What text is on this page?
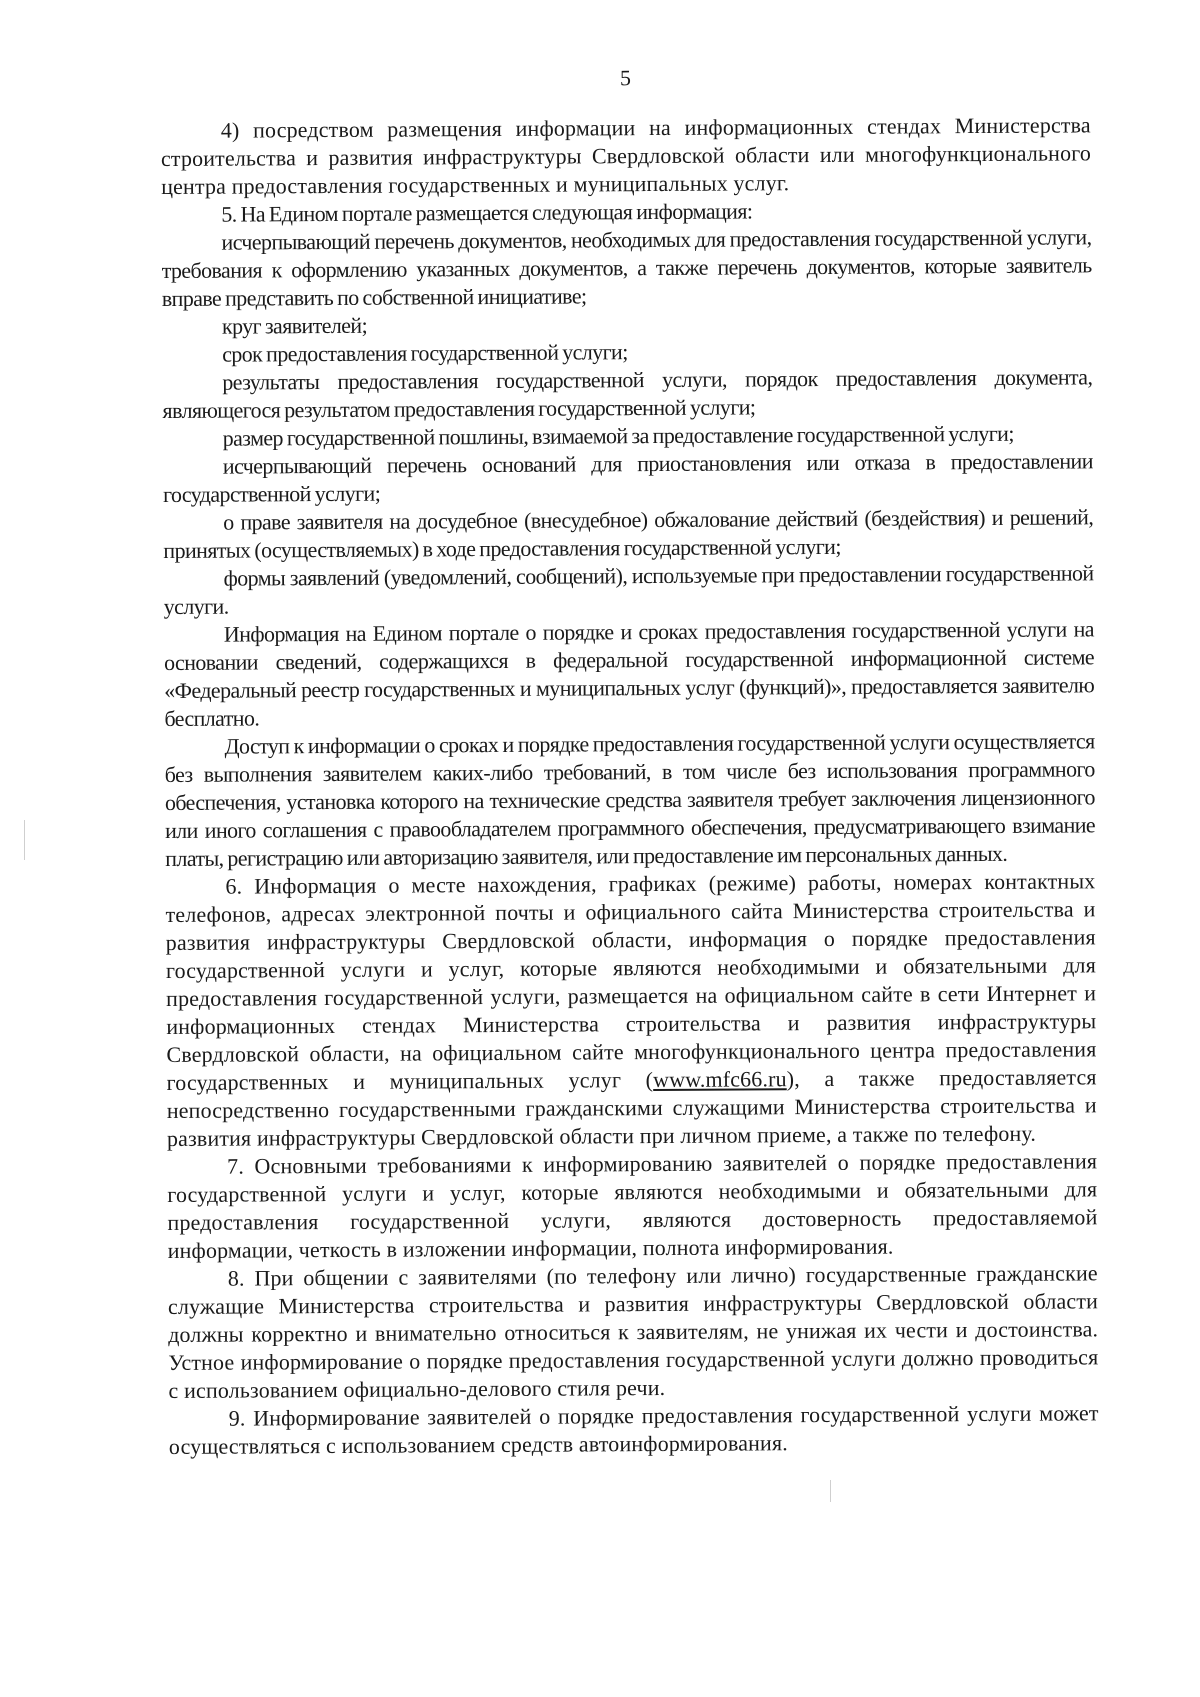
5

4) посредством размещения информации на информационных стендах Министерства строительства и развития инфраструктуры Свердловской области или многофункционального центра предоставления государственных и муниципальных услуг.

5. На Едином портале размещается следующая информация:

исчерпывающий перечень документов, необходимых для предоставления государственной услуги, требования к оформлению указанных документов, а также перечень документов, которые заявитель вправе представить по собственной инициативе;

круг заявителей;

срок предоставления государственной услуги;

результаты предоставления государственной услуги, порядок предоставления документа, являющегося результатом предоставления государственной услуги;

размер государственной пошлины, взимаемой за предоставление государственной услуги;

исчерпывающий перечень оснований для приостановления или отказа в предоставлении государственной услуги;

о праве заявителя на досудебное (внесудебное) обжалование действий (бездействия) и решений, принятых (осуществляемых) в ходе предоставления государственной услуги;

формы заявлений (уведомлений, сообщений), используемые при предоставлении государственной услуги.

Информация на Едином портале о порядке и сроках предоставления государственной услуги на основании сведений, содержащихся в федеральной государственной информационной системе «Федеральный реестр государственных и муниципальных услуг (функций)», предоставляется заявителю бесплатно.

Доступ к информации о сроках и порядке предоставления государственной услуги осуществляется без выполнения заявителем каких-либо требований, в том числе без использования программного обеспечения, установка которого на технические средства заявителя требует заключения лицензионного или иного соглашения с правообладателем программного обеспечения, предусматривающего взимание платы, регистрацию или авторизацию заявителя, или предоставление им персональных данных.

6. Информация о месте нахождения, графиках (режиме) работы, номерах контактных телефонов, адресах электронной почты и официального сайта Министерства строительства и развития инфраструктуры Свердловской области, информация о порядке предоставления государственной услуги и услуг, которые являются необходимыми и обязательными для предоставления государственной услуги, размещается на официальном сайте в сети Интернет и информационных стендах Министерства строительства и развития инфраструктуры Свердловской области, на официальном сайте многофункционального центра предоставления государственных и муниципальных услуг (www.mfc66.ru), а также предоставляется непосредственно государственными гражданскими служащими Министерства строительства и развития инфраструктуры Свердловской области при личном приеме, а также по телефону.

7. Основными требованиями к информированию заявителей о порядке предоставления государственной услуги и услуг, которые являются необходимыми и обязательными для предоставления государственной услуги, являются достоверность предоставляемой информации, четкость в изложении информации, полнота информирования.

8. При общении с заявителями (по телефону или лично) государственные гражданские служащие Министерства строительства и развития инфраструктуры Свердловской области должны корректно и внимательно относиться к заявителям, не унижая их чести и достоинства. Устное информирование о порядке предоставления государственной услуги должно проводиться с использованием официально-делового стиля речи.

9. Информирование заявителей о порядке предоставления государственной услуги может осуществляться с использованием средств автоинформирования.
